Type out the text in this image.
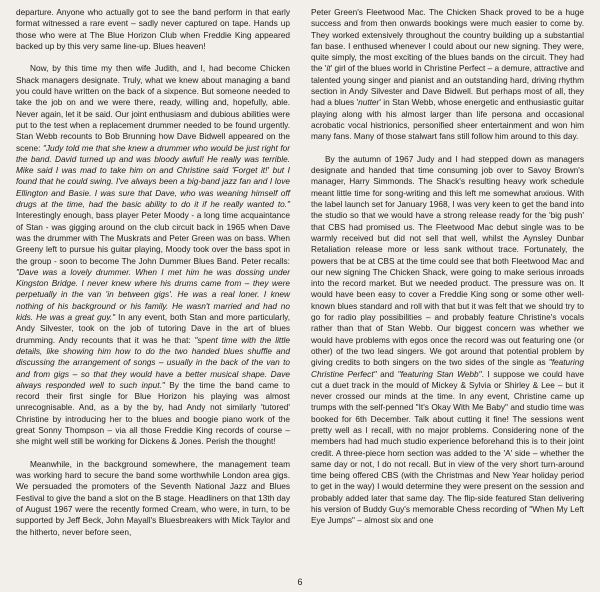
departure. Anyone who actually got to see the band perform in that early format witnessed a rare event – sadly never captured on tape. Hands up those who were at The Blue Horizon Club when Freddie King appeared backed up by this very same line-up. Blues heaven!

Now, by this time my then wife Judith, and I, had become Chicken Shack managers designate. Truly, what we knew about managing a band you could have written on the back of a sixpence. But someone needed to take the job on and we were there, ready, willing and, hopefully, able. Never again, let it be said. Our joint enthusiasm and dubious abilities were put to the test when a replacement drummer needed to be found urgently. Stan Webb recounts to Bob Brunning how Dave Bidwell appeared on the scene: "Judy told me that she knew a drummer who would be just right for the band. David turned up and was bloody awful! He really was terrible. Mike said I was mad to take him on and Christine said 'Forget it!' but I found that he could swing. I've always been a big-band jazz fan and I love Ellington and Basie. I was sure that Dave, who was weaning himself off drugs at the time, had the basic ability to do it if he really wanted to." Interestingly enough, bass player Peter Moody - a long time acquaintance of Stan - was gigging around on the club circuit back in 1965 when Dave was the drummer with The Muskrats and Peter Green was on bass. When Greeny left to pursue his guitar playing, Moody took over the bass spot in the group - soon to become The John Dummer Blues Band. Peter recalls: "Dave was a lovely drummer. When I met him he was dossing under Kingston Bridge. I never knew where his drums came from – they were perpetually in the van 'in between gigs'. He was a real loner. I knew nothing of his background or his family. He wasn't married and had no kids. He was a great guy." In any event, both Stan and more particularly, Andy Silvester, took on the job of tutoring Dave in the art of blues drumming. Andy recounts that it was he that: "spent time with the little details, like showing him how to do the two handed blues shuffle and discussing the arrangement of songs – usually in the back of the van to and from gigs – so that they would have a better musical shape. Dave always responded well to such input." By the time the band came to record their first single for Blue Horizon his playing was almost unrecognisable. And, as a by the by, had Andy not similarly 'tutored' Christine by introducing her to the blues and boogie piano work of the great Sonny Thompson – via all those Freddie King records of course – she might well still be working for Dickens & Jones. Perish the thought!

Meanwhile, in the background somewhere, the management team was working hard to secure the band some worthwhile London area gigs. We persuaded the promoters of the Seventh National Jazz and Blues Festival to give the band a slot on the B stage. Headliners on that 13th day of August 1967 were the recently formed Cream, who were, in turn, to be supported by Jeff Beck, John Mayall's Bluesbreakers with Mick Taylor and the hitherto, never before seen,

Peter Green's Fleetwood Mac. The Chicken Shack proved to be a huge success and from then onwards bookings were much easier to come by. They worked extensively throughout the country building up a substantial fan base. I enthused whenever I could about our new signing. They were, quite simply, the most exciting of the blues bands on the circuit. They had the 'it' girl of the blues world in Christine Perfect – a demure, attractive and talented young singer and pianist and an outstanding hard, driving rhythm section in Andy Silvester and Dave Bidwell. But perhaps most of all, they had a blues 'nutter' in Stan Webb, whose energetic and enthusiastic guitar playing along with his almost larger than life persona and occasional acrobatic vocal histrionics, personified sheer entertainment and won him many fans. Many of those stalwart fans still follow him around to this day.

By the autumn of 1967 Judy and I had stepped down as managers designate and handed that time consuming job over to Savoy Brown's manager, Harry Simmonds. The Shack's resulting heavy work schedule meant little time for song-writing and this left me somewhat anxious. With the label launch set for January 1968, I was very keen to get the band into the studio so that we would have a strong release ready for the 'big push' that CBS had promised us. The Fleetwood Mac debut single was to be warmly received but did not sell that well, whilst the Aynsley Dunbar Retaliation release more or less sank without trace. Fortunately, the powers that be at CBS at the time could see that both Fleetwood Mac and our new signing The Chicken Shack, were going to make serious inroads into the record market. But we needed product. The pressure was on. It would have been easy to cover a Freddie King song or some other well-known blues standard and roll with that but it was felt that we should try to go for radio play possibilities – and probably feature Christine's vocals rather than that of Stan Webb. Our biggest concern was whether we would have problems with egos once the record was out featuring one (or other) of the two lead singers. We got around that potential problem by giving credits to both singers on the two sides of the single as "featuring Christine Perfect" and "featuring Stan Webb". I suppose we could have cut a duet track in the mould of Mickey & Sylvia or Shirley & Lee – but it never crossed our minds at the time. In any event, Christine came up trumps with the self-penned "It's Okay With Me Baby" and studio time was booked for 6th December. Talk about cutting it fine! The sessions went pretty well as I recall, with no major problems. Considering none of the members had had much studio experience beforehand this is to their joint credit. A three-piece horn section was added to the 'A' side – whether the same day or not, I do not recall. But in view of the very short turn-around time being offered CBS (with the Christmas and New Year holiday period to get in the way) I would determine they were present on the session and probably added later that same day. The flip-side featured Stan delivering his version of Buddy Guy's memorable Chess recording of "When My Left Eye Jumps" – almost six and one

6
